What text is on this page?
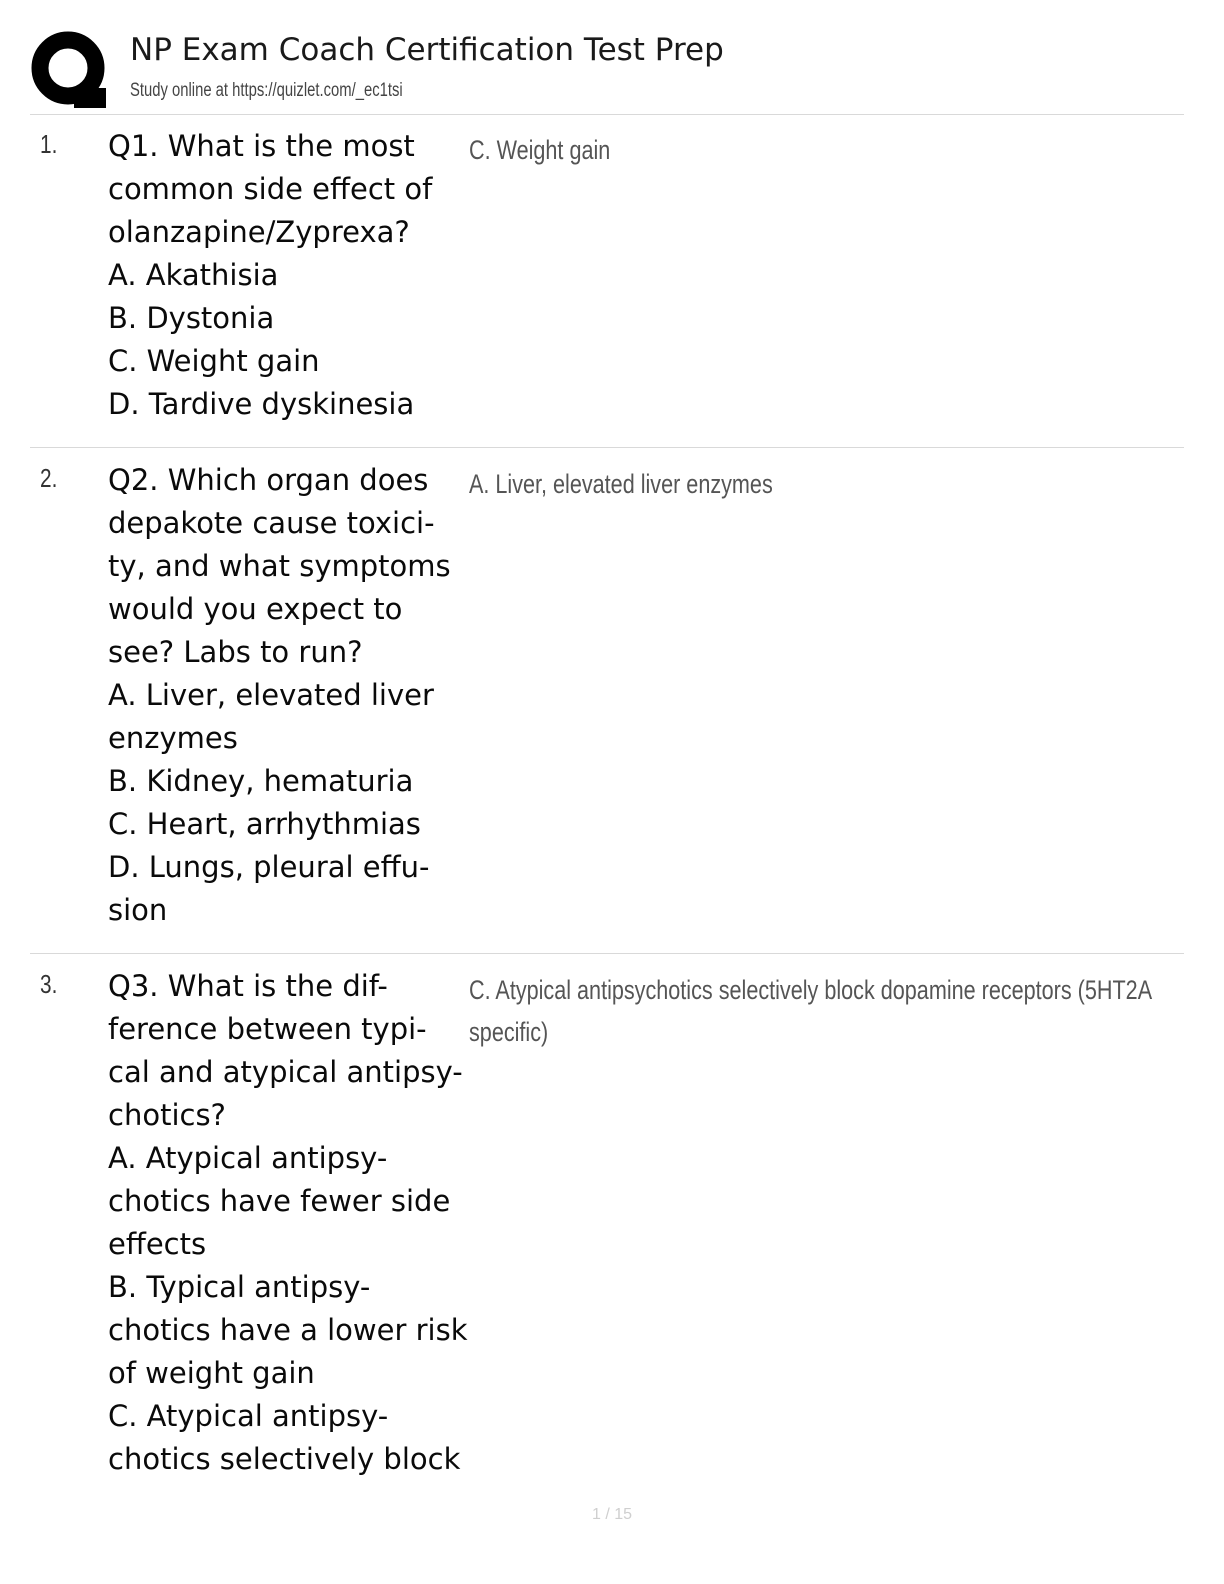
NP Exam Coach Certification Test Prep
Study online at https://quizlet.com/_ec1tsi
1. Q1. What is the most
common side effect of
olanzapine/Zyprexa?
A. Akathisia
B. Dystonia
C. Weight gain
D. Tardive dyskinesia
C. Weight gain
2. Q2. Which organ does
depakote cause toxici-
ty, and what symptoms
would you expect to
see? Labs to run?
A. Liver, elevated liver
enzymes
B. Kidney, hematuria
C. Heart, arrhythmias
D. Lungs, pleural effu-
sion
A. Liver, elevated liver enzymes
3. Q3. What is the dif-
ference between typi-
cal and atypical antipsy-
chotics?
A. Atypical antipsy-
chotics have fewer side
effects
B. Typical antipsy-
chotics have a lower risk
of weight gain
C. Atypical antipsy-
chotics selectively block
C. Atypical antipsychotics selectively block dopamine receptors (5HT2A
specific)
1 / 15
